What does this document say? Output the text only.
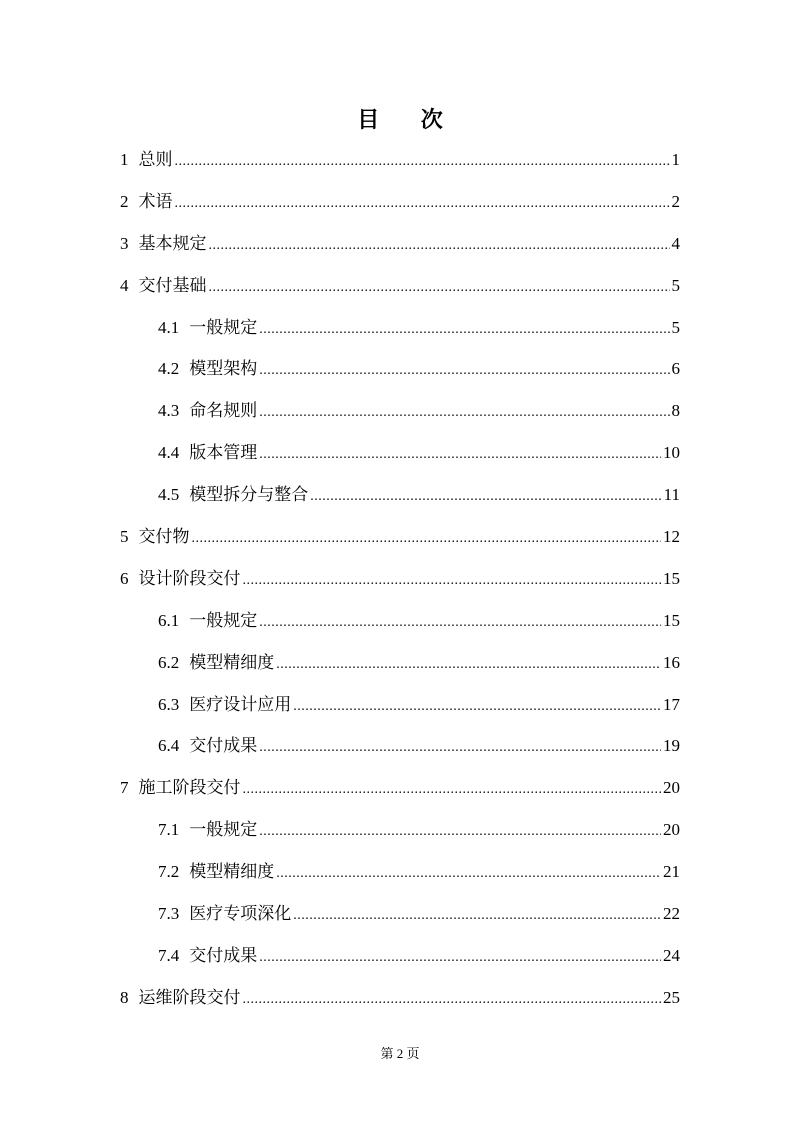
目 次
1 总则 .....	1
2 术语 .....	2
3 基本规定 .....	4
4 交付基础 .....	5
4.1 一般规定 .....	5
4.2 模型架构 .....	6
4.3 命名规则 .....	8
4.4 版本管理 .....	10
4.5 模型拆分与整合 .....	11
5 交付物 .....	12
6 设计阶段交付 .....	15
6.1 一般规定 .....	15
6.2 模型精细度 .....	16
6.3 医疗设计应用 .....	17
6.4 交付成果 .....	19
7 施工阶段交付 .....	20
7.1 一般规定 .....	20
7.2 模型精细度 .....	21
7.3 医疗专项深化 .....	22
7.4 交付成果 .....	24
8 运维阶段交付 .....	25
第 2 页
